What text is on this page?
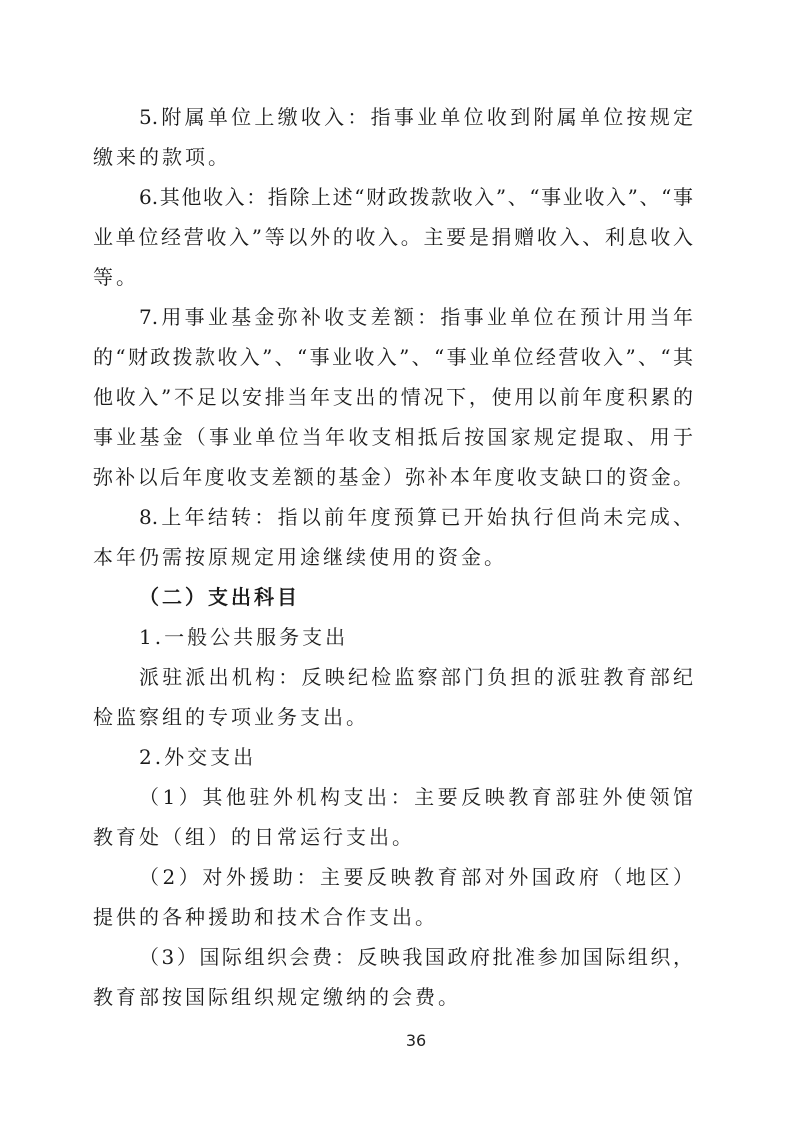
5.附属单位上缴收入：指事业单位收到附属单位按规定
缴来的款项。
6.其他收入：指除上述“财政拨款收入”、“事业收入”、“事
业单位经营收入”等以外的收入。主要是捐赠收入、利息收入
等。
7.用事业基金弥补收支差额：指事业单位在预计用当年
的“财政拨款收入”、“事业收入”、“事业单位经营收入”、“其
他收入”不足以安排当年支出的情况下，使用以前年度积累的
事业基金（事业单位当年收支相抵后按国家规定提取、用于
弥补以后年度收支差额的基金）弥补本年度收支缺口的资金。
8.上年结转：指以前年度预算已开始执行但尚未完成、
本年仍需按原规定用途继续使用的资金。
（二）支出科目
1.一般公共服务支出
派驻派出机构：反映纪检监察部门负担的派驻教育部纪
检监察组的专项业务支出。
2.外交支出
（1）其他驻外机构支出：主要反映教育部驻外使领馆
教育处（组）的日常运行支出。
（2）对外援助：主要反映教育部对外国政府（地区）
提供的各种援助和技术合作支出。
（3）国际组织会费：反映我国政府批准参加国际组织，
教育部按国际组织规定缴纳的会费。
36
